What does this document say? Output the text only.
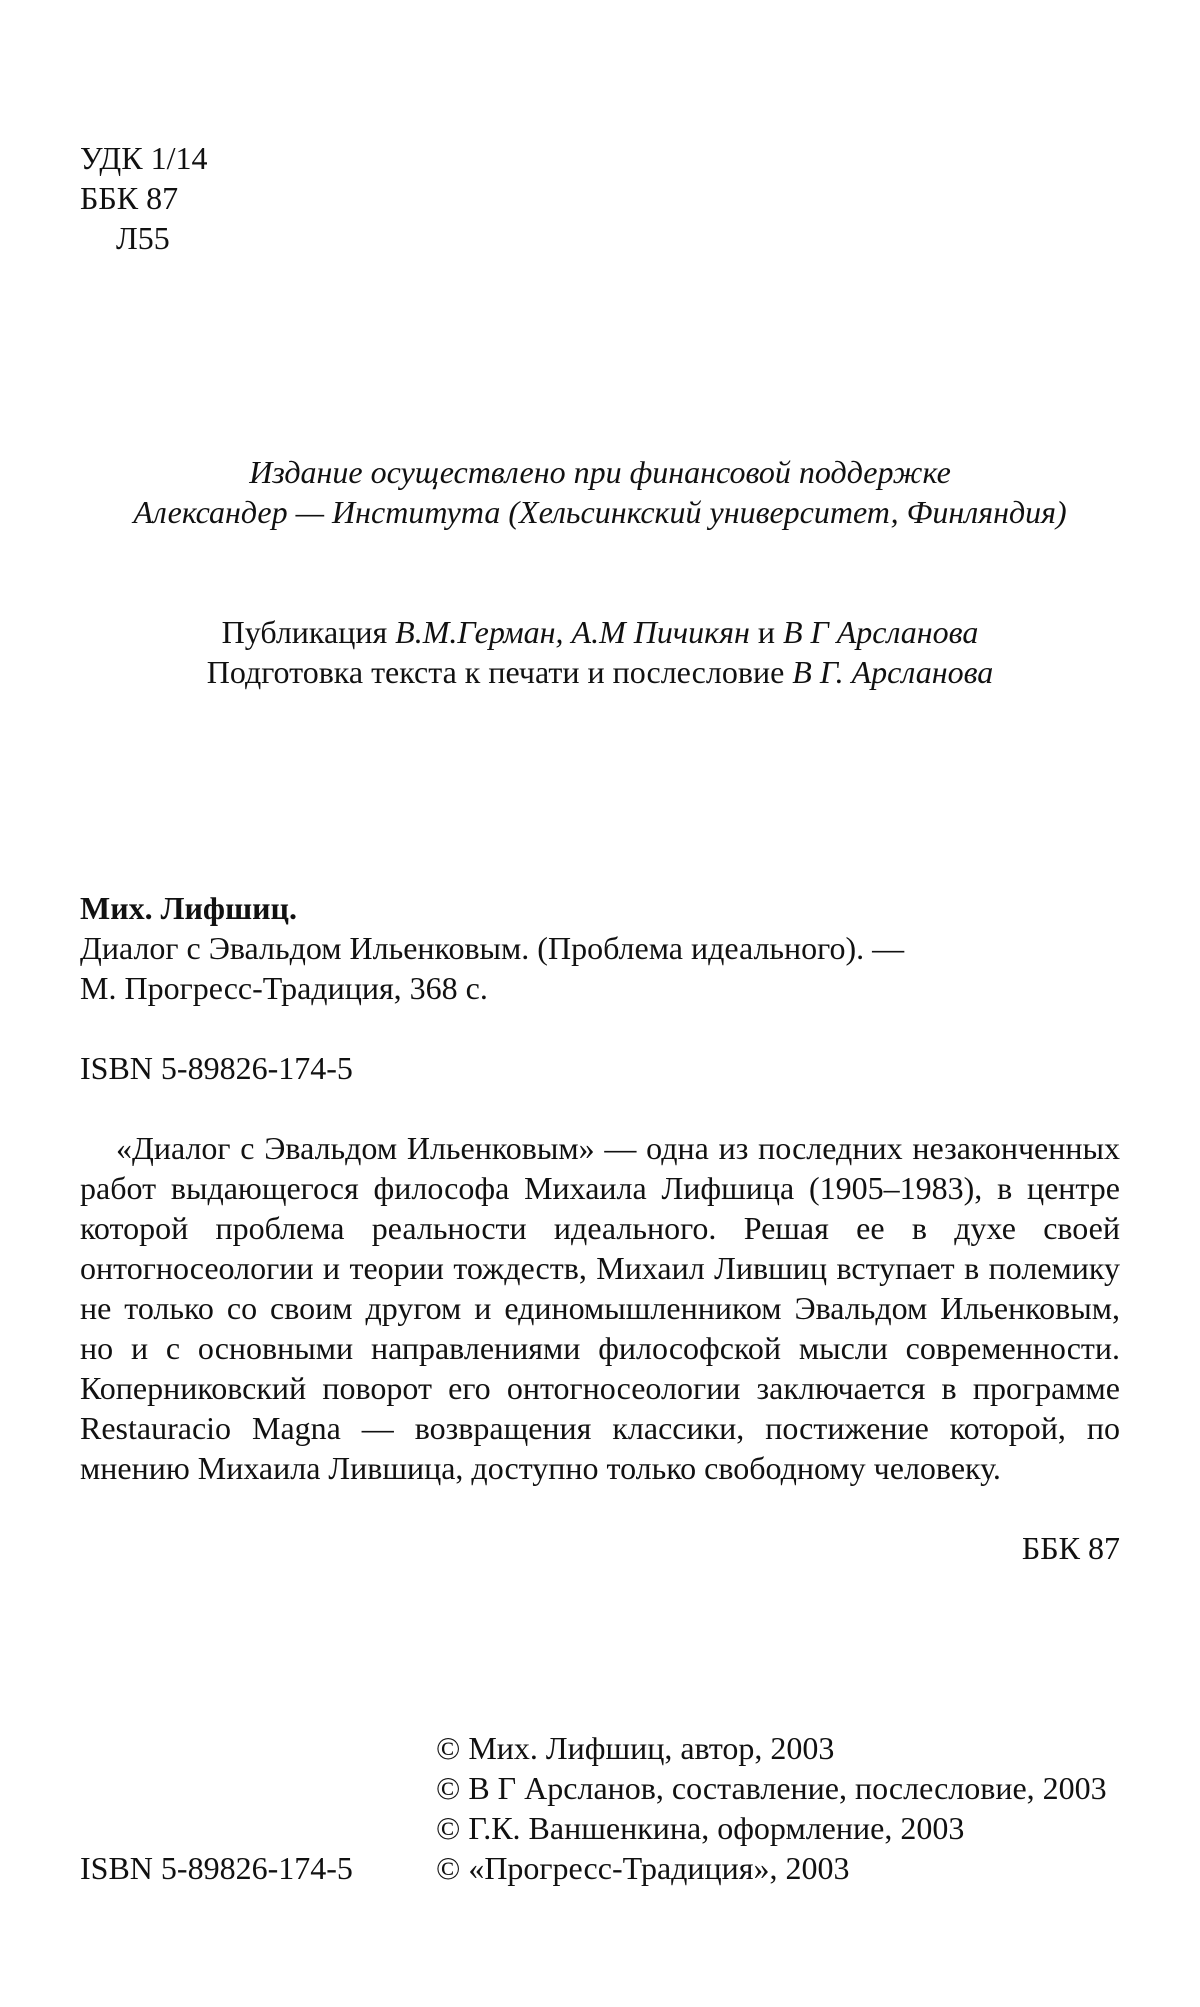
УДК 1/14
ББК 87
Л55
Издание осуществлено при финансовой поддержке
Александер — Института (Хельсинкский университет, Финляндия)
Публикация В.М.Герман, А.М Пичикян и В Г Арсланова
Подготовка текста к печати и послесловие В Г. Арсланова
Мих. Лифшиц.
Диалог с Эвальдом Ильенковым. (Проблема идеального). —
М. Прогресс-Традиция, 368 с.
ISBN 5-89826-174-5

«Диалог с Эвальдом Ильенковым» — одна из последних незаконченных работ выдающегося философа Михаила Лифшица (1905–1983), в центре которой проблема реальности идеального. Решая ее в духе своей онтогносеологии и теории тождеств, Михаил Лившиц вступает в полемику не только со своим другом и единомышленником Эвальдом Ильенковым, но и с основными направлениями философской мысли современности. Коперниковский поворот его онтогносеологии заключается в программе Restauracio Magna — возвращения классики, постижение которой, по мнению Михаила Лившица, доступно только свободному человеку.

ББК 87
ISBN 5-89826-174-5
© Мих. Лифшиц, автор, 2003
© В Г Арсланов, составление, послесловие, 2003
© Г.К. Ваншенкина, оформление, 2003
© «Прогресс-Традиция», 2003
